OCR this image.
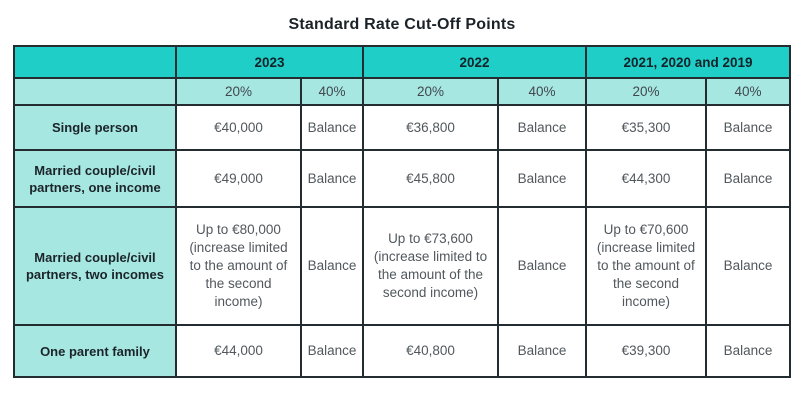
Standard Rate Cut-Off Points
	2023		2022		2021, 2020 and 2019	
	20%	40%	20%	40%	20%	40%
Single person	€40,000	Balance	€36,800	Balance	€35,300	Balance
Married couple/civil partners, one income	€49,000	Balance	€45,800	Balance	€44,300	Balance
Married couple/civil partners, two incomes	Up to €80,000 (increase limited to the amount of the second income)	Balance	Up to €73,600 (increase limited to the amount of the second income)	Balance	Up to €70,600 (increase limited to the amount of the second income)	Balance
One parent family	€44,000	Balance	€40,800	Balance	€39,300	Balance
